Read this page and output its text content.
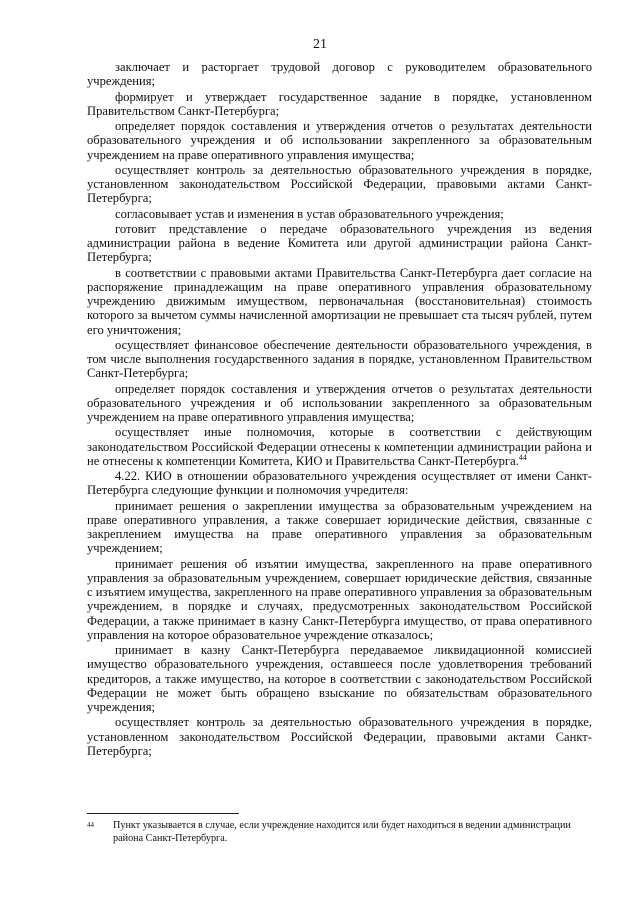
21

заключает и расторгает трудовой договор с руководителем образовательного учреждения;

формирует и утверждает государственное задание в порядке, установленном Правительством Санкт-Петербурга;

определяет порядок составления и утверждения отчетов о результатах деятельности образовательного учреждения и об использовании закрепленного за образовательным учреждением на праве оперативного управления имущества;

осуществляет контроль за деятельностью образовательного учреждения в порядке, установленном законодательством Российской Федерации, правовыми актами Санкт-Петербурга;

согласовывает устав и изменения в устав образовательного учреждения;

готовит представление о передаче образовательного учреждения из ведения администрации района в ведение Комитета или другой администрации района Санкт-Петербурга;

в соответствии с правовыми актами Правительства Санкт-Петербурга дает согласие на распоряжение принадлежащим на праве оперативного управления образовательному учреждению движимым имуществом, первоначальная (восстановительная) стоимость которого за вычетом суммы начисленной амортизации не превышает ста тысяч рублей, путем его уничтожения;

осуществляет финансовое обеспечение деятельности образовательного учреждения, в том числе выполнения государственного задания в порядке, установленном Правительством Санкт-Петербурга;

определяет порядок составления и утверждения отчетов о результатах деятельности образовательного учреждения и об использовании закрепленного за образовательным учреждением на праве оперативного управления имущества;

осуществляет иные полномочия, которые в соответствии с действующим законодательством Российской Федерации отнесены к компетенции администрации района и не отнесены к компетенции Комитета, КИО и Правительства Санкт-Петербурга.$^{44}$

4.22. КИО в отношении образовательного учреждения осуществляет от имени Санкт-Петербурга следующие функции и полномочия учредителя:

принимает решения о закреплении имущества за образовательным учреждением на праве оперативного управления, а также совершает юридические действия, связанные с закреплением имущества на праве оперативного управления за образовательным учреждением;

принимает решения об изъятии имущества, закрепленного на праве оперативного управления за образовательным учреждением, совершает юридические действия, связанные с изъятием имущества, закрепленного на праве оперативного управления за образовательным учреждением, в порядке и случаях, предусмотренных законодательством Российской Федерации, а также принимает в казну Санкт-Петербурга имущество, от права оперативного управления на которое образовательное учреждение отказалось;

принимает в казну Санкт-Петербурга передаваемое ликвидационной комиссией имущество образовательного учреждения, оставшееся после удовлетворения требований кредиторов, а также имущество, на которое в соответствии с законодательством Российской Федерации не может быть обращено взыскание по обязательствам образовательного учреждения;

осуществляет контроль за деятельностью образовательного учреждения в порядке, установленном законодательством Российской Федерации, правовыми актами Санкт-Петербурга;

44 Пункт указывается в случае, если учреждение находится или будет находиться в ведении администрации
района Санкт-Петербурга.
